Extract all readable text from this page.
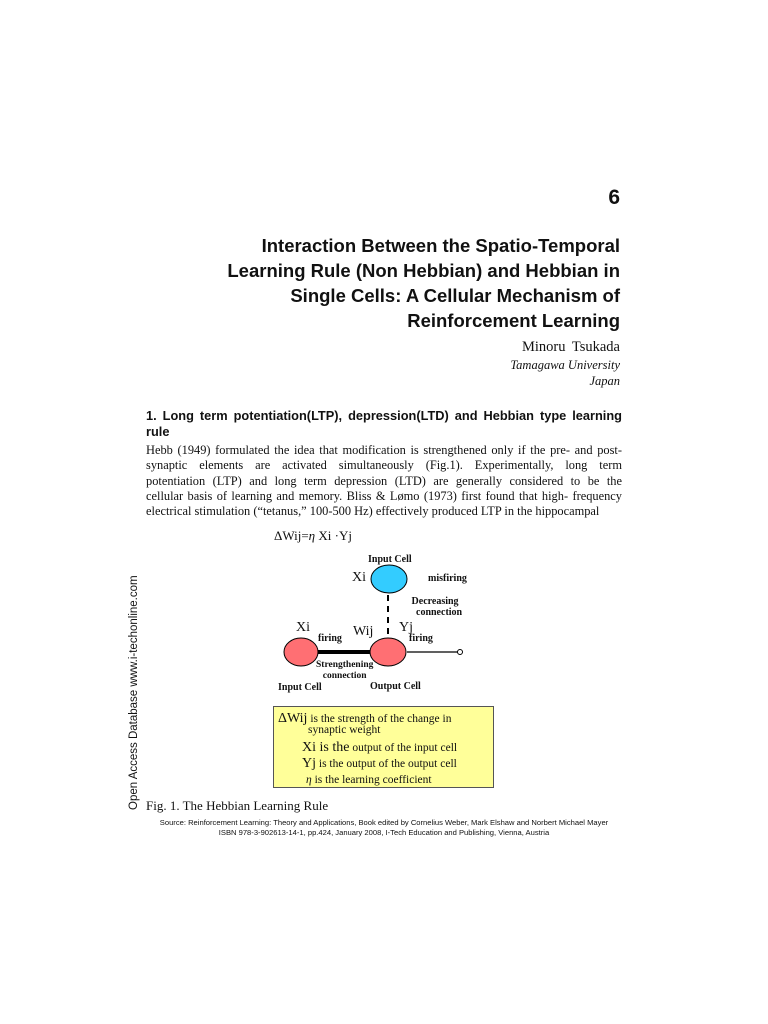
6
Interaction Between the Spatio-Temporal
Learning Rule (Non Hebbian) and Hebbian in
Single Cells: A Cellular Mechanism of
Reinforcement Learning
Minoru Tsukada
Tamagawa University
Japan
1. Long term potentiation(LTP), depression(LTD) and Hebbian type learning rule
Hebb (1949) formulated the idea that modification is strengthened only if the pre- and post-
synaptic elements are activated simultaneously (Fig.1). Experimentally, long term
potentiation (LTP) and long term depression (LTD) are generally considered to be the
cellular basis of learning and memory. Bliss & Lømo (1973) first found that high- frequency
electrical stimulation (“tetanus,” 100-500 Hz) effectively produced LTP in the hippocampal
ΔWij=η Xi ·Yj
Input Cell
Xi	misfiring
Decreasing
connection
Xi	Wij Yj
firing	firing
Strengthening
connection
Input Cell	Output Cell
ΔWij is the strength of the change in
synaptic weight
Xi is the output of the input cell
Yj is the output of the output cell
η is the learning coefficient
Fig. 1. The Hebbian Learning Rule
Source: Reinforcement Learning: Theory and Applications, Book edited by Cornelius Weber, Mark Elshaw and Norbert Michael Mayer
ISBN 978-3-902613-14-1, pp.424, January 2008, I-Tech Education and Publishing, Vienna, Austria
Open Access Database www.i-techonline.com
